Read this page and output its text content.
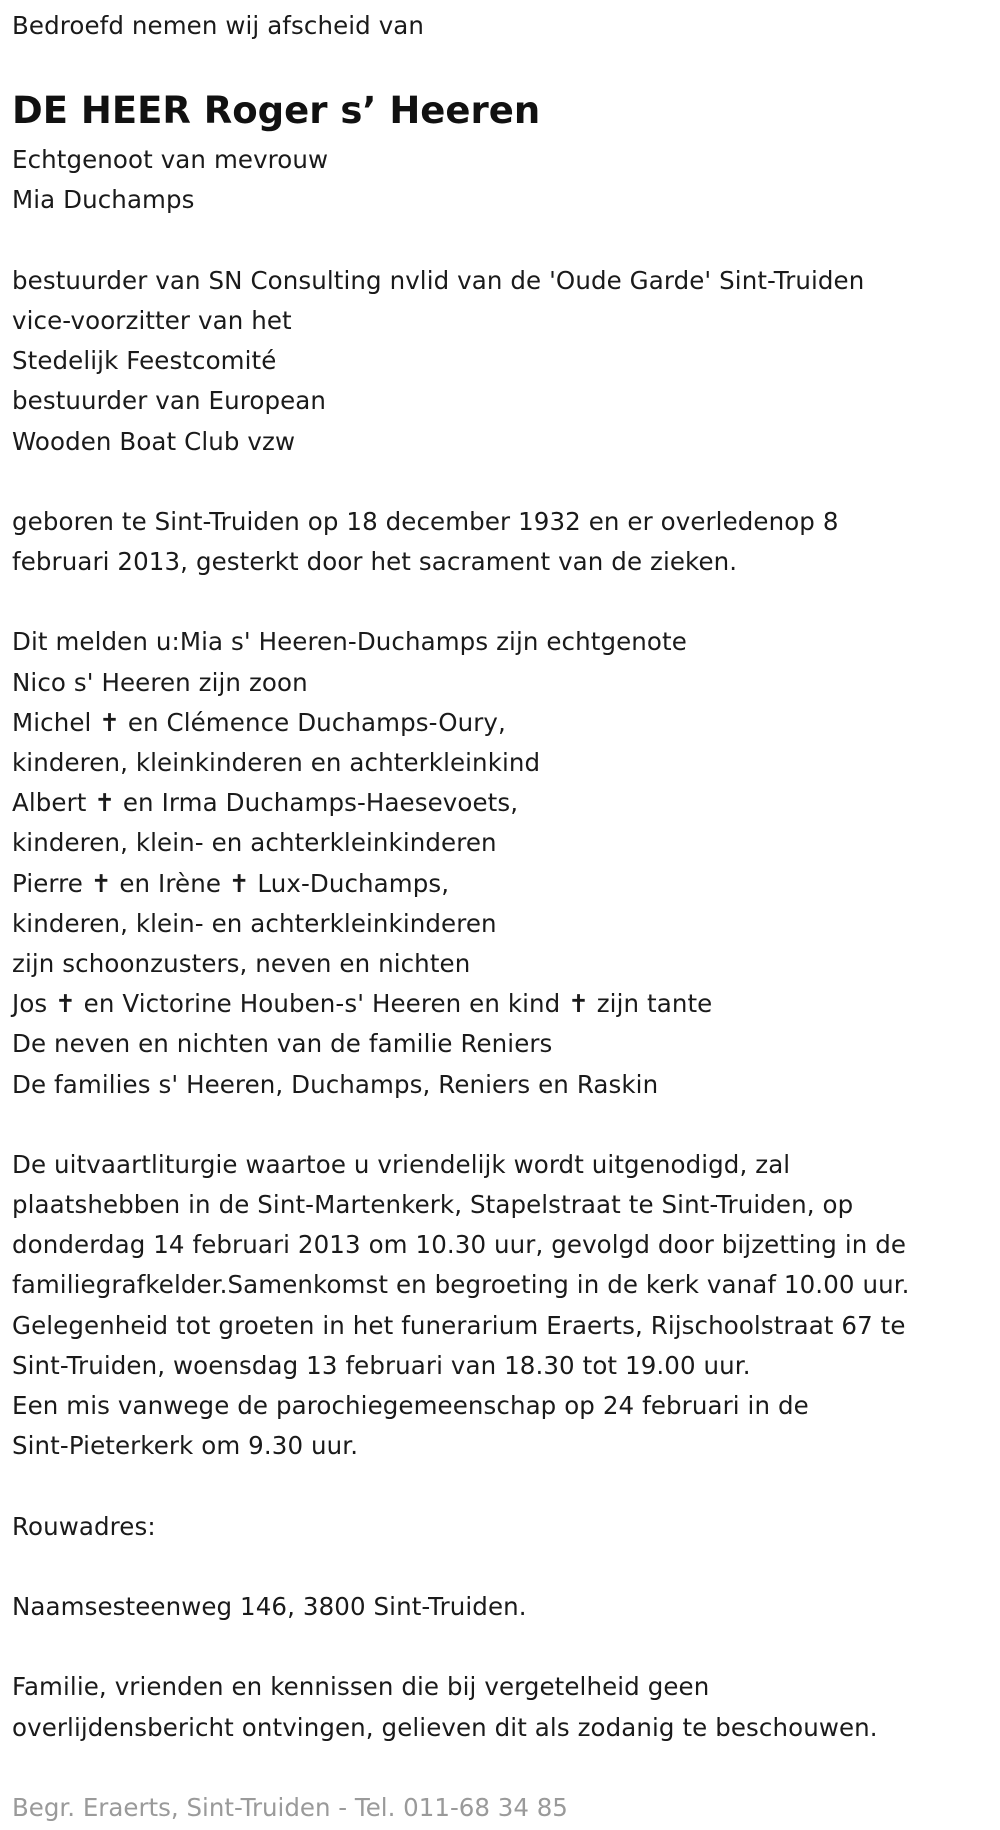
Bedroefd nemen wij afscheid van
DE HEER Roger s’ Heeren
Echtgenoot van mevrouw
Mia Duchamps
bestuurder van SN Consulting nvlid van de 'Oude Garde' Sint-Truiden
vice-voorzitter van het
Stedelijk Feestcomité
bestuurder van European
Wooden Boat Club vzw
geboren te Sint-Truiden op 18 december 1932 en er overledenop 8
februari 2013, gesterkt door het sacrament van de zieken.
Dit melden u:Mia s' Heeren-Duchamps zijn echtgenote
Nico s' Heeren zijn zoon
Michel ✝ en Clémence Duchamps-Oury,
kinderen, kleinkinderen en achterkleinkind
Albert ✝ en Irma Duchamps-Haesevoets,
kinderen, klein- en achterkleinkinderen
Pierre ✝ en Irène ✝ Lux-Duchamps,
kinderen, klein- en achterkleinkinderen
zijn schoonzusters, neven en nichten
Jos ✝ en Victorine Houben-s' Heeren en kind ✝ zijn tante
De neven en nichten van de familie Reniers
De families s' Heeren, Duchamps, Reniers en Raskin
De uitvaartliturgie waartoe u vriendelijk wordt uitgenodigd, zal
plaatshebben in de Sint-Martenkerk, Stapelstraat te Sint-Truiden, op
donderdag 14 februari 2013 om 10.30 uur, gevolgd door bijzetting in de
familiegrafkelder.Samenkomst en begroeting in de kerk vanaf 10.00 uur.
Gelegenheid tot groeten in het funerarium Eraerts, Rijschoolstraat 67 te
Sint-Truiden, woensdag 13 februari van 18.30 tot 19.00 uur.
Een mis vanwege de parochiegemeenschap op 24 februari in de
Sint-Pieterkerk om 9.30 uur.
Rouwadres:
Naamsesteenweg 146, 3800 Sint-Truiden.
Familie, vrienden en kennissen die bij vergetelheid geen
overlijdensbericht ontvingen, gelieven dit als zodanig te beschouwen.
Begr. Eraerts, Sint-Truiden - Tel. 011-68 34 85
